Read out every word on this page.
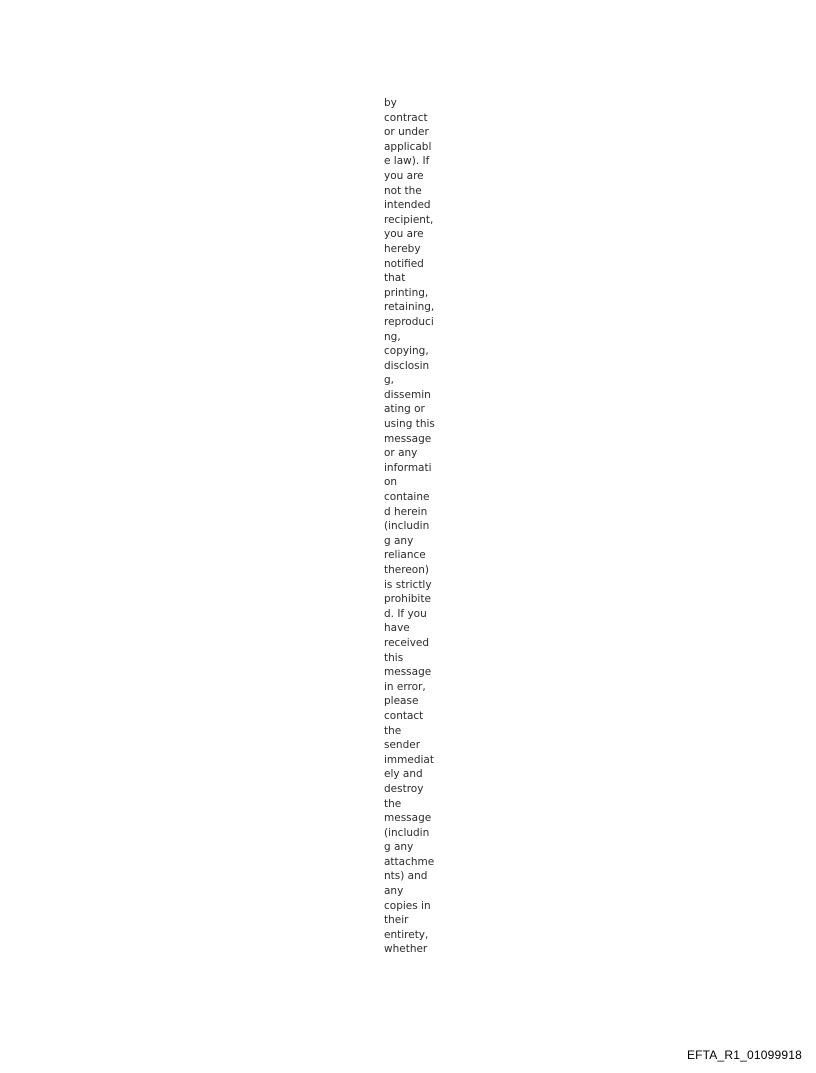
by
contract
or under
applicabl
e law). If
you are
not the
intended
recipient,
you are
hereby
notified
that
printing,
retaining,
reproduci
ng,
copying,
disclosin
g,
dissemin
ating or
using this
message
or any
informati
on
containe
d herein
(includin
g any
reliance
thereon)
is strictly
prohibite
d. If you
have
received
this
message
in error,
please
contact
the
sender
immediat
ely and
destroy
the
message
(includin
g any
attachme
nts) and
any
copies in
their
entirety,
whether
EFTA_R1_01099918
